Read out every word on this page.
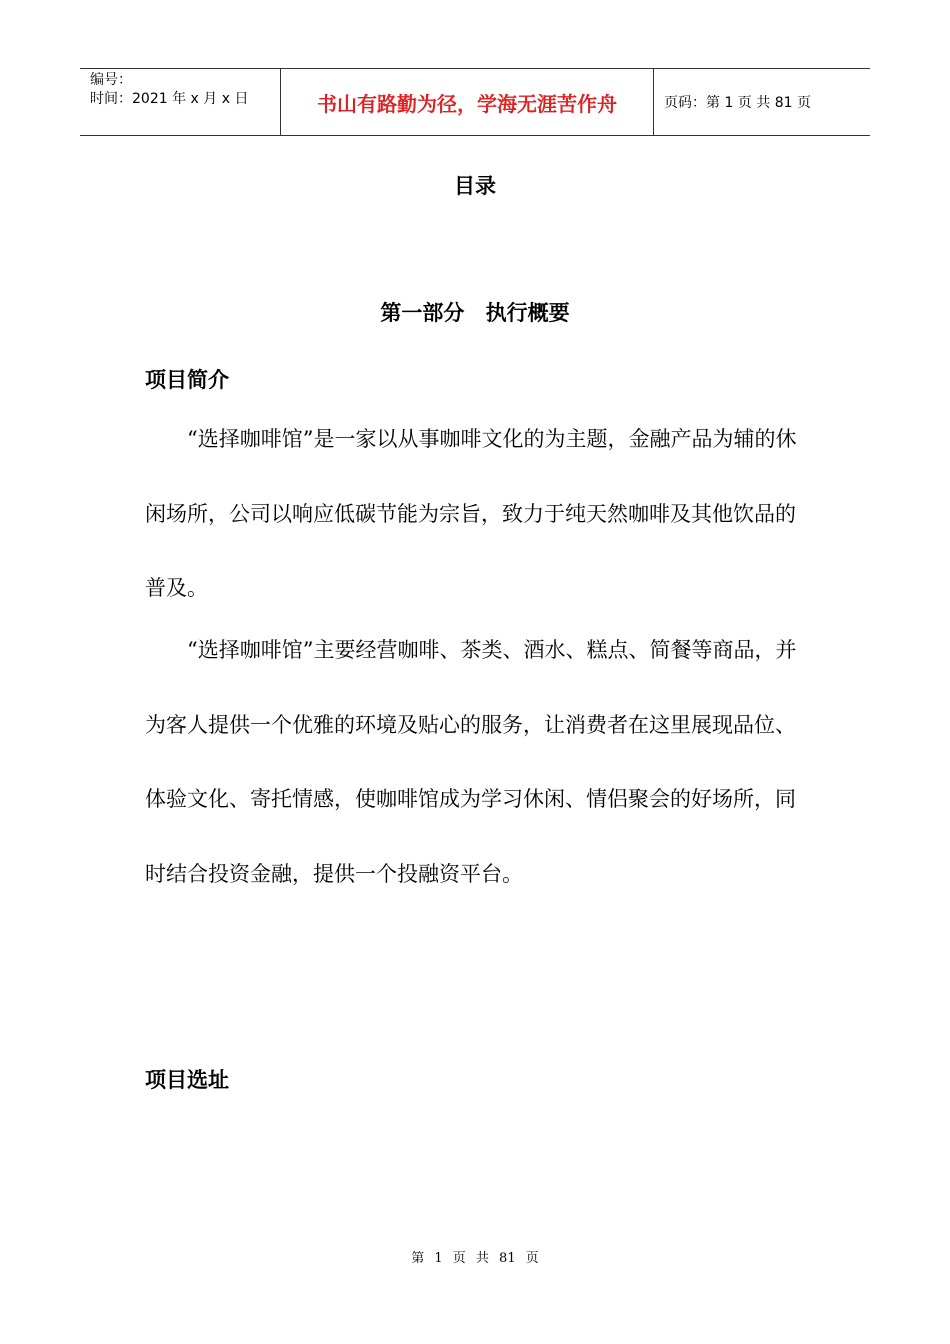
编号：
时间：2021 年 x 月 x 日	书山有路勤为径，学海无涯苦作舟	页码：第 1 页 共 81 页
目录
第一部分 执行概要
项目简介

“选择咖啡馆”是一家以从事咖啡文化的为主题，金融产品为辅的休闲场所，公司以响应低碳节能为宗旨，致力于纯天然咖啡及其他饮品的普及。

“选择咖啡馆”主要经营咖啡、茶类、酒水、糕点、简餐等商品，并为客人提供一个优雅的环境及贴心的服务，让消费者在这里展现品位、体验文化、寄托情感，使咖啡馆成为学习休闲、情侣聚会的好场所，同时结合投资金融，提供一个投融资平台。

项目选址
第 1 页 共 81 页
